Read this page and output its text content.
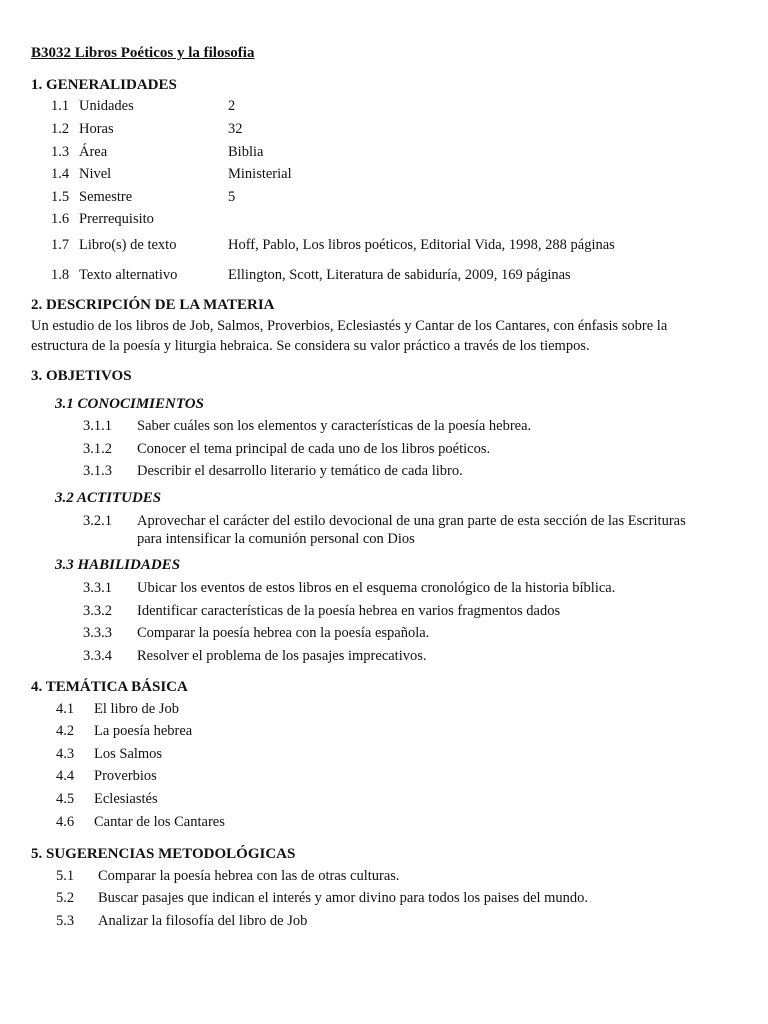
B3032 Libros Poéticos y la filosofia
1. GENERALIDADES
1.1 Unidades	2
1.2 Horas	32
1.3 Área	Biblia
1.4 Nivel	Ministerial
1.5 Semestre	5
1.6 Prerrequisito
1.7 Libro(s) de texto	Hoff, Pablo, Los libros poéticos, Editorial Vida, 1998, 288 páginas
1.8 Texto alternativo	Ellington, Scott, Literatura de sabiduría, 2009, 169 páginas
2. DESCRIPCIÓN DE LA MATERIA
Un estudio de los libros de Job, Salmos, Proverbios, Eclesiastés y Cantar de los Cantares, con énfasis sobre la
estructura de la poesía y liturgia hebraica. Se considera su valor práctico a través de los tiempos.
3. OBJETIVOS
3.1 CONOCIMIENTOS
3.1.1 Saber cuáles son los elementos y características de la poesía hebrea.
3.1.2 Conocer el tema principal de cada uno de los libros poéticos.
3.1.3 Describir el desarrollo literario y temático de cada libro.
3.2 ACTITUDES
3.2.1 Aprovechar el carácter del estilo devocional de una gran parte de esta sección de las Escrituras
para intensificar la comunión personal con Dios
3.3 HABILIDADES
3.3.1 Ubicar los eventos de estos libros en el esquema cronológico de la historia bíblica.
3.3.2 Identificar características de la poesía hebrea en varios fragmentos dados
3.3.3 Comparar la poesía hebrea con la poesía española.
3.3.4 Resolver el problema de los pasajes imprecativos.
4. TEMÁTICA BÁSICA
4.1 El libro de Job
4.2 La poesía hebrea
4.3 Los Salmos
4.4 Proverbios
4.5 Eclesiastés
4.6 Cantar de los Cantares
5. SUGERENCIAS METODOLÓGICAS
5.1 Comparar la poesía hebrea con las de otras culturas.
5.2 Buscar pasajes que indican el interés y amor divino para todos los paises del mundo.
5.3 Analizar la filosofía del libro de Job
